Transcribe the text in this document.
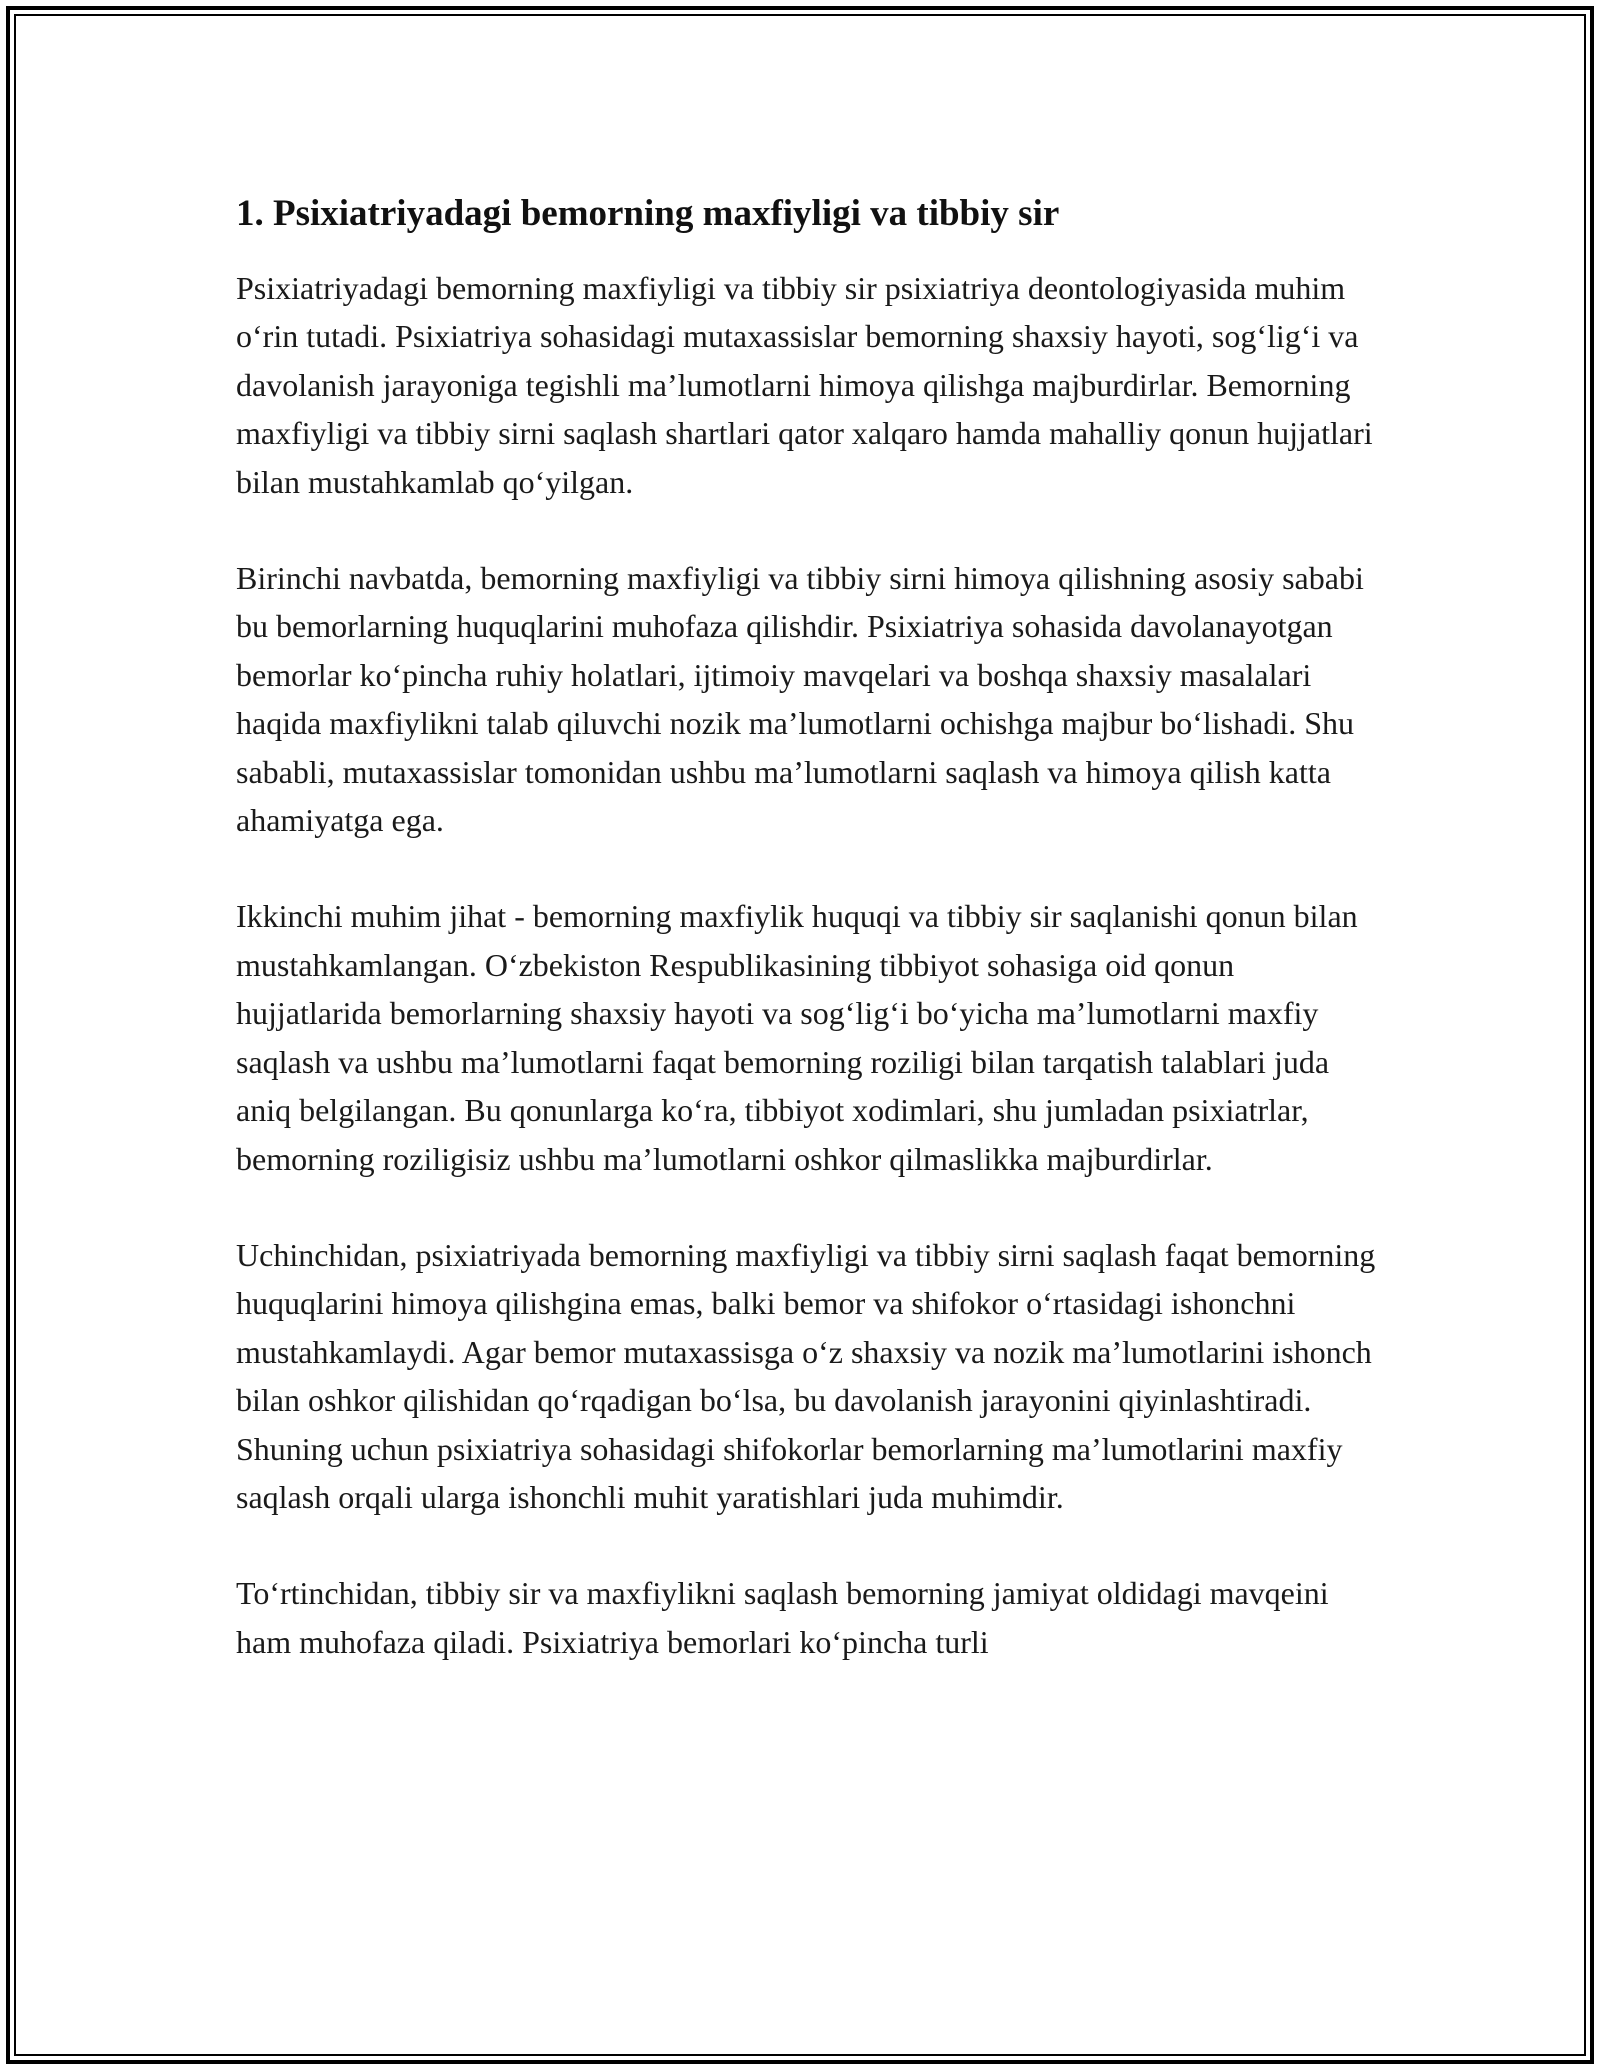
1. Psixiatriyadagi bemorning maxfiyligi va tibbiy sir

Psixiatriyadagi bemorning maxfiyligi va tibbiy sir psixiatriya deontologiyasida muhim o‘rin tutadi. Psixiatriya sohasidagi mutaxassislar bemorning shaxsiy hayoti, sog‘lig‘i va davolanish jarayoniga tegishli ma’lumotlarni himoya qilishga majburdirlar. Bemorning maxfiyligi va tibbiy sirni saqlash shartlari qator xalqaro hamda mahalliy qonun hujjatlari bilan mustahkamlab qo‘yilgan.

Birinchi navbatda, bemorning maxfiyligi va tibbiy sirni himoya qilishning asosiy sababi bu bemorlarning huquqlarini muhofaza qilishdir. Psixiatriya sohasida davolanayotgan bemorlar ko‘pincha ruhiy holatlari, ijtimoiy mavqelari va boshqa shaxsiy masalalari haqida maxfiylikni talab qiluvchi nozik ma’lumotlarni ochishga majbur bo‘lishadi. Shu sababli, mutaxassislar tomonidan ushbu ma’lumotlarni saqlash va himoya qilish katta ahamiyatga ega.

Ikkinchi muhim jihat - bemorning maxfiylik huquqi va tibbiy sir saqlanishi qonun bilan mustahkamlangan. O‘zbekiston Respublikasining tibbiyot sohasiga oid qonun hujjatlarida bemorlarning shaxsiy hayoti va sog‘lig‘i bo‘yicha ma’lumotlarni maxfiy saqlash va ushbu ma’lumotlarni faqat bemorning roziligi bilan tarqatish talablari juda aniq belgilangan. Bu qonunlarga ko‘ra, tibbiyot xodimlari, shu jumladan psixiatrlar, bemorning roziligisiz ushbu ma’lumotlarni oshkor qilmaslikka majburdirlar.

Uchinchidan, psixiatriyada bemorning maxfiyligi va tibbiy sirni saqlash faqat bemorning huquqlarini himoya qilishgina emas, balki bemor va shifokor o‘rtasidagi ishonchni mustahkamlaydi. Agar bemor mutaxassisga o‘z shaxsiy va nozik ma’lumotlarini ishonch bilan oshkor qilishidan qo‘rqadigan bo‘lsa, bu davolanish jarayonini qiyinlashtiradi. Shuning uchun psixiatriya sohasidagi shifokorlar bemorlarning ma’lumotlarini maxfiy saqlash orqali ularga ishonchli muhit yaratishlari juda muhimdir.

To‘rtinchidan, tibbiy sir va maxfiylikni saqlash bemorning jamiyat oldidagi mavqeini ham muhofaza qiladi. Psixiatriya bemorlari ko‘pincha turli
